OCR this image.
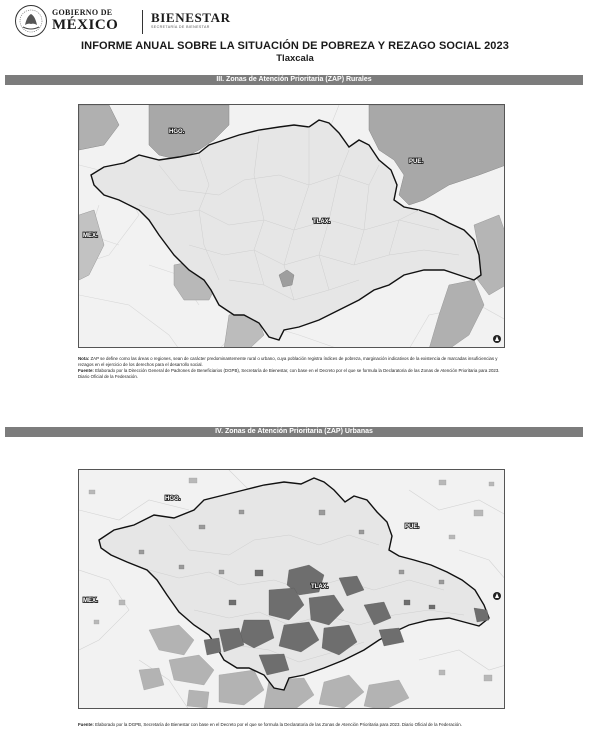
GOBIERNO DE
MÉXICO	BIENESTAR
SECRETARÍA DE BIENESTAR
INFORME ANUAL SOBRE LA SITUACIÓN DE POBREZA Y REZAGO SOCIAL 2023
Tlaxcala
III. Zonas de Atención Prioritaria (ZAP) Rurales
HGO.
PUE.
MEX.
TLAX.
Nota: ZAP se define como las áreas o regiones, sean de carácter predominantemente rural o urbano, cuya población registra índices de pobreza, marginación indicativos de la existencia de marcadas insuficiencias y rezagos en el ejercicio de los derechos para el desarrollo social.
Fuente: Elaborado por la Dirección General de Padrones de Beneficiarios (DGPB), Secretaría de Bienestar, con base en el Decreto por el que se formula la Declaratoria de las Zonas de Atención Prioritaria para 2023. Diario Oficial de la Federación.
IV. Zonas de Atención Prioritaria (ZAP) Urbanas
HGO.
PUE.
MEX.
TLAX.
Fuente: Elaborado por la DGPB, Secretaría de Bienestar con base en el Decreto por el que se formula la Declaratoria de las Zonas de Atención Prioritaria para 2023. Diario Oficial de la Federación.
